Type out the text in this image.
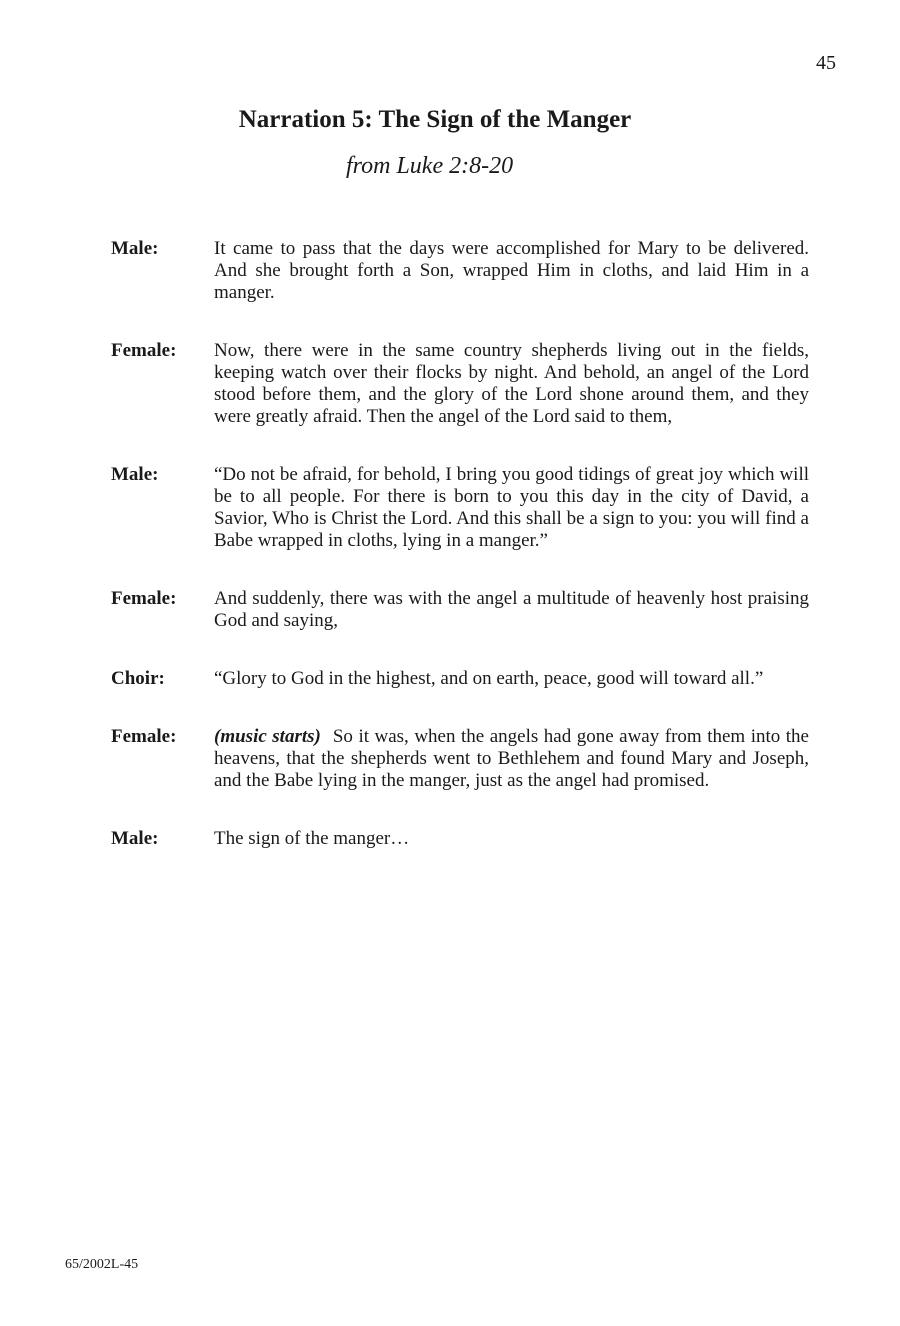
45
Narration 5: The Sign of the Manger
from Luke 2:8-20
Male:	It came to pass that the days were accomplished for Mary to be delivered. And she brought forth a Son, wrapped Him in cloths, and laid Him in a manger.
Female:	Now, there were in the same country shepherds living out in the fields, keeping watch over their flocks by night. And behold, an angel of the Lord stood before them, and the glory of the Lord shone around them, and they were greatly afraid. Then the angel of the Lord said to them,
Male:	“Do not be afraid, for behold, I bring you good tidings of great joy which will be to all people. For there is born to you this day in the city of David, a Savior, Who is Christ the Lord. And this shall be a sign to you: you will find a Babe wrapped in cloths, lying in a manger.”
Female:	And suddenly, there was with the angel a multitude of heavenly host praising God and saying,
Choir:	“Glory to God in the highest, and on earth, peace, good will toward all.”
Female:	(music starts) So it was, when the angels had gone away from them into the heavens, that the shepherds went to Bethlehem and found Mary and Joseph, and the Babe lying in the manger, just as the angel had promised.
Male:	The sign of the manger…
65/2002L-45
